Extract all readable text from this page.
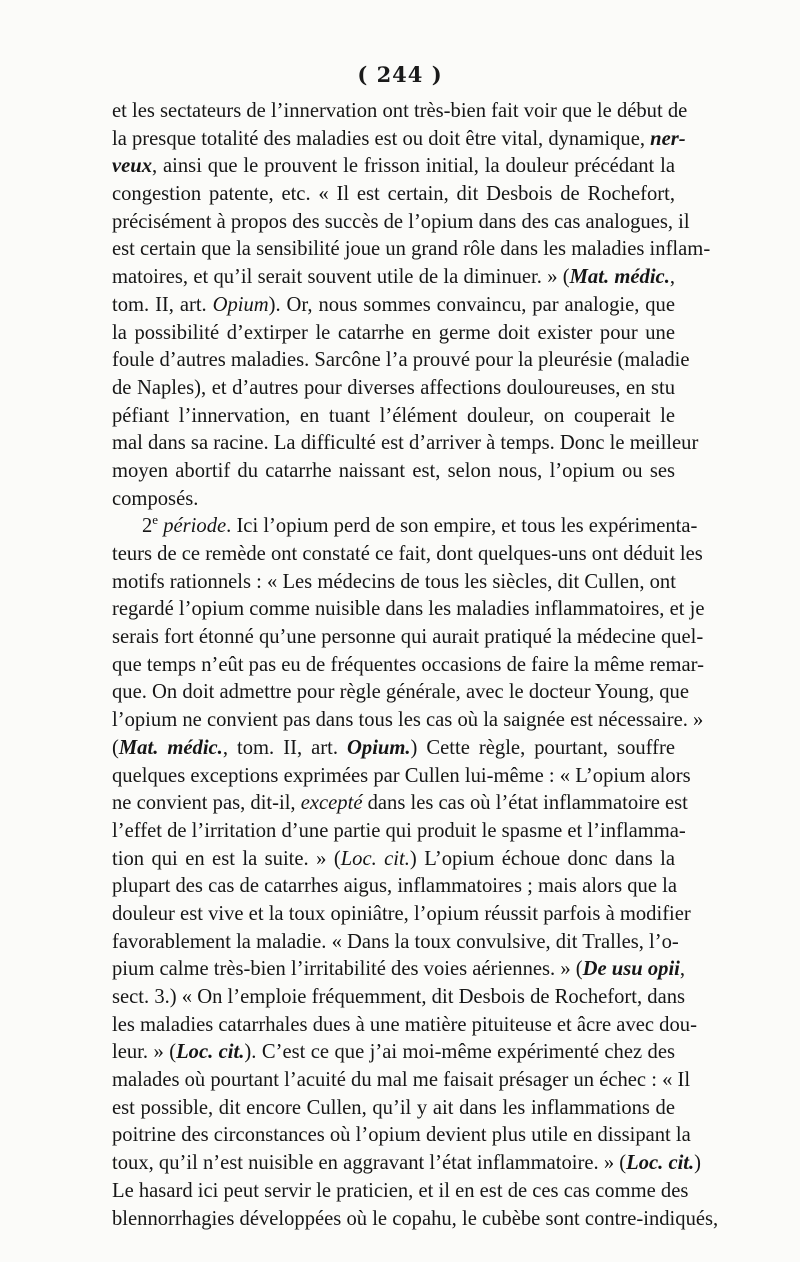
( 244 )
et les sectateurs de l’innervation ont très-bien fait voir que le début de
la presque totalité des maladies est ou doit être vital, dynamique, ner-
veux, ainsi que le prouvent le frisson initial, la douleur précédant la
congestion patente, etc. « Il est certain, dit Desbois de Rochefort,
précisément à propos des succès de l’opium dans des cas analogues, il
est certain que la sensibilité joue un grand rôle dans les maladies inflam-
matoires, et qu’il serait souvent utile de la diminuer. » (Mat. médic.,
tom. II, art. Opium). Or, nous sommes convaincu, par analogie, que
la possibilité d’extirper le catarrhe en germe doit exister pour une
foule d’autres maladies. Sarcône l’a prouvé pour la pleurésie (maladie
de Naples), et d’autres pour diverses affections douloureuses, en stu
péfiant l’innervation, en tuant l’élément douleur, on couperait le
mal dans sa racine. La difficulté est d’arriver à temps. Donc le meilleur
moyen abortif du catarrhe naissant est, selon nous, l’opium ou ses
composés.
2e période. Ici l’opium perd de son empire, et tous les expérimenta-
teurs de ce remède ont constaté ce fait, dont quelques-uns ont déduit les
motifs rationnels : « Les médecins de tous les siècles, dit Cullen, ont
regardé l’opium comme nuisible dans les maladies inflammatoires, et je
serais fort étonné qu’une personne qui aurait pratiqué la médecine quel-
que temps n’eût pas eu de fréquentes occasions de faire la même remar-
que. On doit admettre pour règle générale, avec le docteur Young, que
l’opium ne convient pas dans tous les cas où la saignée est nécessaire. »
(Mat. médic., tom. II, art. Opium.) Cette règle, pourtant, souffre
quelques exceptions exprimées par Cullen lui-même : « L’opium alors
ne convient pas, dit-il, excepté dans les cas où l’état inflammatoire est
l’effet de l’irritation d’une partie qui produit le spasme et l’inflamma-
tion qui en est la suite. » (Loc. cit.) L’opium échoue donc dans la
plupart des cas de catarrhes aigus, inflammatoires ; mais alors que la
douleur est vive et la toux opiniâtre, l’opium réussit parfois à modifier
favorablement la maladie. « Dans la toux convulsive, dit Tralles, l’o-
pium calme très-bien l’irritabilité des voies aériennes. » (De usu opii,
sect. 3.) « On l’emploie fréquemment, dit Desbois de Rochefort, dans
les maladies catarrhales dues à une matière pituiteuse et âcre avec dou-
leur. » (Loc. cit.). C’est ce que j’ai moi-même expérimenté chez des
malades où pourtant l’acuité du mal me faisait présager un échec : « Il
est possible, dit encore Cullen, qu’il y ait dans les inflammations de
poitrine des circonstances où l’opium devient plus utile en dissipant la
toux, qu’il n’est nuisible en aggravant l’état inflammatoire. » (Loc. cit.)
Le hasard ici peut servir le praticien, et il en est de ces cas comme des
blennorrhagies développées où le copahu, le cubèbe sont contre-indiqués,
